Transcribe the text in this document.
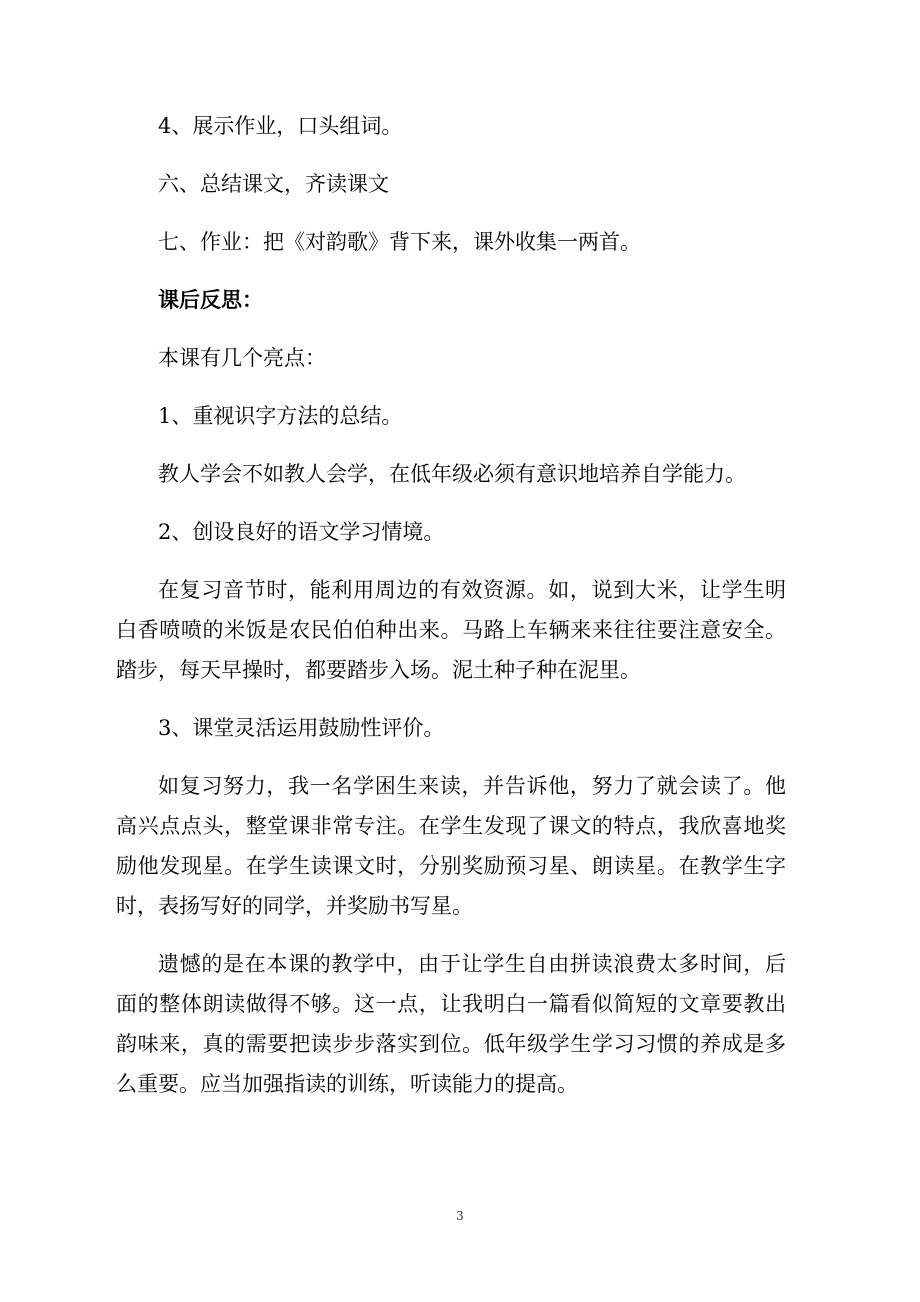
4、展示作业，口头组词。

六、总结课文，齐读课文

七、作业：把《对韵歌》背下来，课外收集一两首。

课后反思：

本课有几个亮点：

1、重视识字方法的总结。

教人学会不如教人会学，在低年级必须有意识地培养自学能力。

2、创设良好的语文学习情境。

在复习音节时，能利用周边的有效资源。如，说到大米，让学生明白香喷喷的米饭是农民伯伯种出来。马路上车辆来来往往要注意安全。踏步，每天早操时，都要踏步入场。泥土种子种在泥里。

3、课堂灵活运用鼓励性评价。

如复习努力，我一名学困生来读，并告诉他，努力了就会读了。他高兴点点头，整堂课非常专注。在学生发现了课文的特点，我欣喜地奖励他发现星。在学生读课文时，分别奖励预习星、朗读星。在教学生字时，表扬写好的同学，并奖励书写星。

遗憾的是在本课的教学中，由于让学生自由拼读浪费太多时间，后面的整体朗读做得不够。这一点，让我明白一篇看似简短的文章要教出韵味来，真的需要把读步步落实到位。低年级学生学习习惯的养成是多么重要。应当加强指读的训练，听读能力的提高。

3
